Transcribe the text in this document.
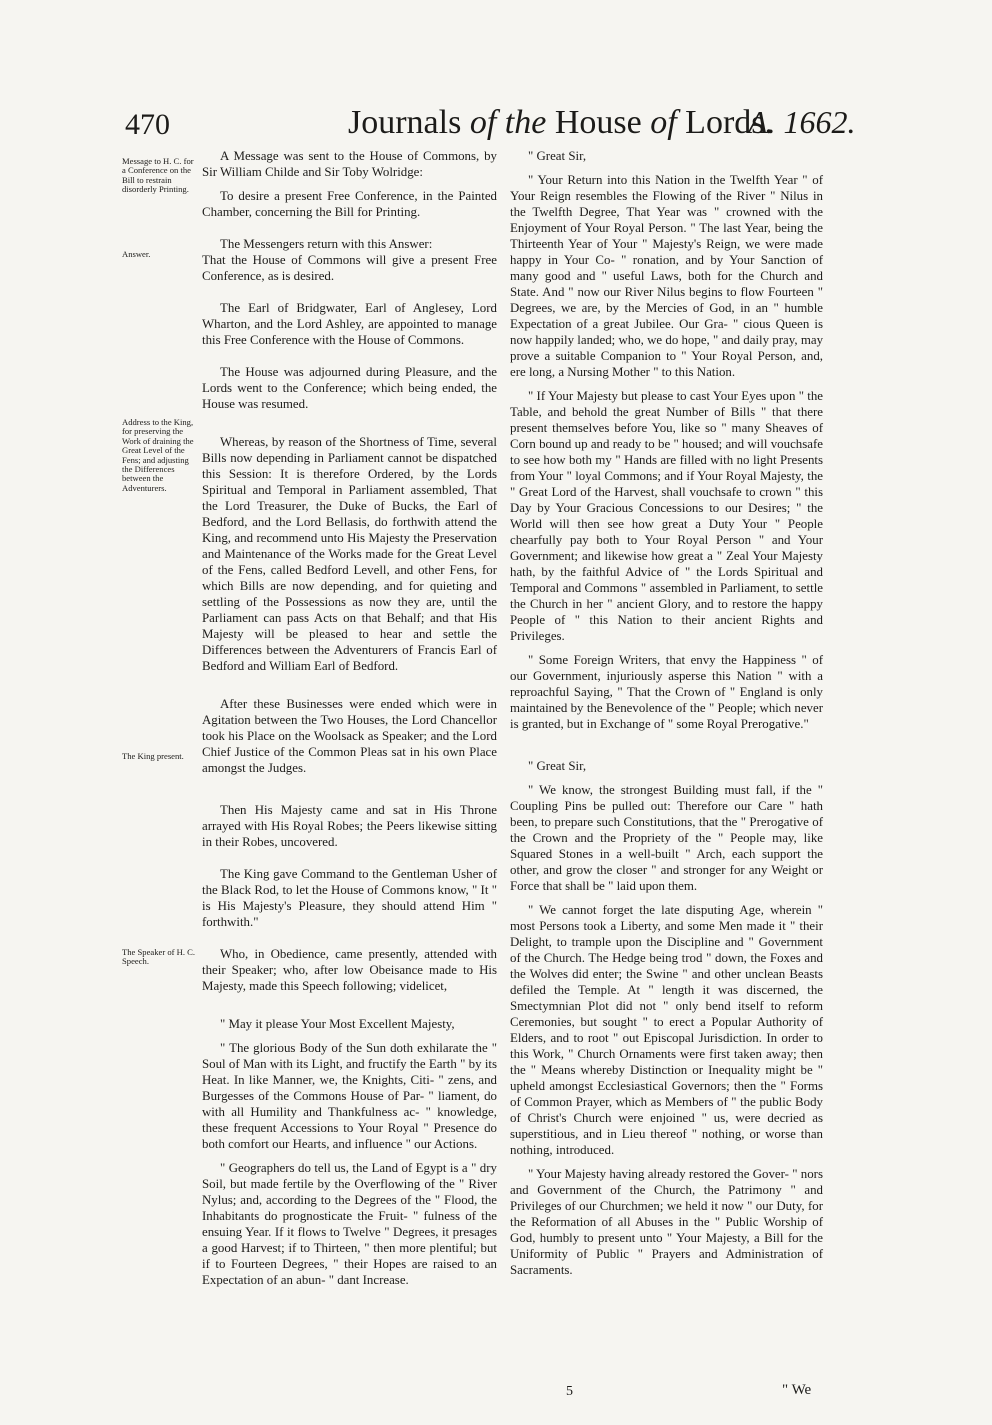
470	Journals of the House of Lords.
A. 1662.
Message to H. C. for a Conference on the Bill to restrain disorderly Printing.
Answer.
Address to the King, for preserving the Work of draining the Great Level of the Fens; and adjusting the Differences between the Adventurers.
The King present.
The Speaker of H. C. Speech.

A Message was sent to the House of Commons, by Sir William Childe and Sir Toby Wolridge:

To desire a present Free Conference, in the Painted Chamber, concerning the Bill for Printing.

The Messengers return with this Answer:

That the House of Commons will give a present Free Conference, as is desired.

The Earl of Bridgwater, Earl of Anglesey, Lord Wharton, and the Lord Ashley, are appointed to manage this Free Conference with the House of Commons.

The House was adjourned during Pleasure, and the Lords went to the Conference; which being ended, the House was resumed.

Whereas, by reason of the Shortness of Time, several Bills now depending in Parliament cannot be dispatched this Session: It is therefore Ordered, by the Lords Spiritual and Temporal in Parliament assembled, That the Lord Treasurer, the Duke of Bucks, the Earl of Bedford, and the Lord Bellasis, do forthwith attend the King, and recommend unto His Majesty the Preservation and Maintenance of the Works made for the Great Level of the Fens, called Bedford Levell, and other Fens, for which Bills are now depending, and for quieting and settling of the Possessions as now they are, until the Parliament can pass Acts on that Behalf; and that His Majesty will be pleased to hear and settle the Differences between the Adventurers of Francis Earl of Bedford and William Earl of Bedford.

After these Businesses were ended which were in Agitation between the Two Houses, the Lord Chancellor took his Place on the Woolsack as Speaker; and the Lord Chief Justice of the Common Pleas sat in his own Place amongst the Judges.

Then His Majesty came and sat in His Throne arrayed with His Royal Robes; the Peers likewise sitting in their Robes, uncovered.

The King gave Command to the Gentleman Usher of the Black Rod, to let the House of Commons know, " It " is His Majesty's Pleasure, they should attend Him " forthwith."

Who, in Obedience, came presently, attended with their Speaker; who, after low Obeisance made to His Majesty, made this Speech following; videlicet,

" May it please Your Most Excellent Majesty,

" The glorious Body of the Sun doth exhilarate the " Soul of Man with its Light, and fructify the Earth " by its Heat. In like Manner, we, the Knights, Citi- " zens, and Burgesses of the Commons House of Par- " liament, do with all Humility and Thankfulness ac- " knowledge, these frequent Accessions to Your Royal " Presence do both comfort our Hearts, and influence " our Actions.

" Geographers do tell us, the Land of Egypt is a " dry Soil, but made fertile by the Overflowing of the " River Nylus; and, according to the Degrees of the " Flood, the Inhabitants do prognosticate the Fruit- " fulness of the ensuing Year. If it flows to Twelve " Degrees, it presages a good Harvest; if to Thirteen, " then more plentiful; but if to Fourteen Degrees, " their Hopes are raised to an Expectation of an abun- " dant Increase.

" Great Sir,

" Your Return into this Nation in the Twelfth Year " of Your Reign resembles the Flowing of the River " Nilus in the Twelfth Degree, That Year was " crowned with the Enjoyment of Your Royal Person. " The last Year, being the Thirteenth Year of Your " Majesty's Reign, we were made happy in Your Co- " ronation, and by Your Sanction of many good and " useful Laws, both for the Church and State. And " now our River Nilus begins to flow Fourteen " Degrees, we are, by the Mercies of God, in an " humble Expectation of a great Jubilee. Our Gra- " cious Queen is now happily landed; who, we do hope, " and daily pray, may prove a suitable Companion to " Your Royal Person, and, ere long, a Nursing Mother " to this Nation.

" If Your Majesty but please to cast Your Eyes upon " the Table, and behold the great Number of Bills " that there present themselves before You, like so " many Sheaves of Corn bound up and ready to be " housed; and will vouchsafe to see how both my " Hands are filled with no light Presents from Your " loyal Commons; and if Your Royal Majesty, the " Great Lord of the Harvest, shall vouchsafe to crown " this Day by Your Gracious Concessions to our Desires; " the World will then see how great a Duty Your " People chearfully pay both to Your Royal Person " and Your Government; and likewise how great a " Zeal Your Majesty hath, by the faithful Advice of " the Lords Spiritual and Temporal and Commons " assembled in Parliament, to settle the Church in her " ancient Glory, and to restore the happy People of " this Nation to their ancient Rights and Privileges.

" Some Foreign Writers, that envy the Happiness " of our Government, injuriously asperse this Nation " with a reproachful Saying, " That the Crown of " England is only maintained by the Benevolence of the " People; which never is granted, but in Exchange of " some Royal Prerogative."

" Great Sir,

" We know, the strongest Building must fall, if the " Coupling Pins be pulled out: Therefore our Care " hath been, to prepare such Constitutions, that the " Prerogative of the Crown and the Propriety of the " People may, like Squared Stones in a well-built " Arch, each support the other, and grow the closer " and stronger for any Weight or Force that shall be " laid upon them.

" We cannot forget the late disputing Age, wherein " most Persons took a Liberty, and some Men made it " their Delight, to trample upon the Discipline and " Government of the Church. The Hedge being trod " down, the Foxes and the Wolves did enter; the Swine " and other unclean Beasts defiled the Temple. At " length it was discerned, the Smectymnian Plot did not " only bend itself to reform Ceremonies, but sought " to erect a Popular Authority of Elders, and to root " out Episcopal Jurisdiction. In order to this Work, " Church Ornaments were first taken away; then the " Means whereby Distinction or Inequality might be " upheld amongst Ecclesiastical Governors; then the " Forms of Common Prayer, which as Members of " the public Body of Christ's Church were enjoined " us, were decried as superstitious, and in Lieu thereof " nothing, or worse than nothing, introduced.

" Your Majesty having already restored the Gover- " nors and Government of the Church, the Patrimony " and Privileges of our Churchmen; we held it now " our Duty, for the Reformation of all Abuses in the " Public Worship of God, humbly to present unto " Your Majesty, a Bill for the Uniformity of Public " Prayers and Administration of Sacraments.

5	" We
